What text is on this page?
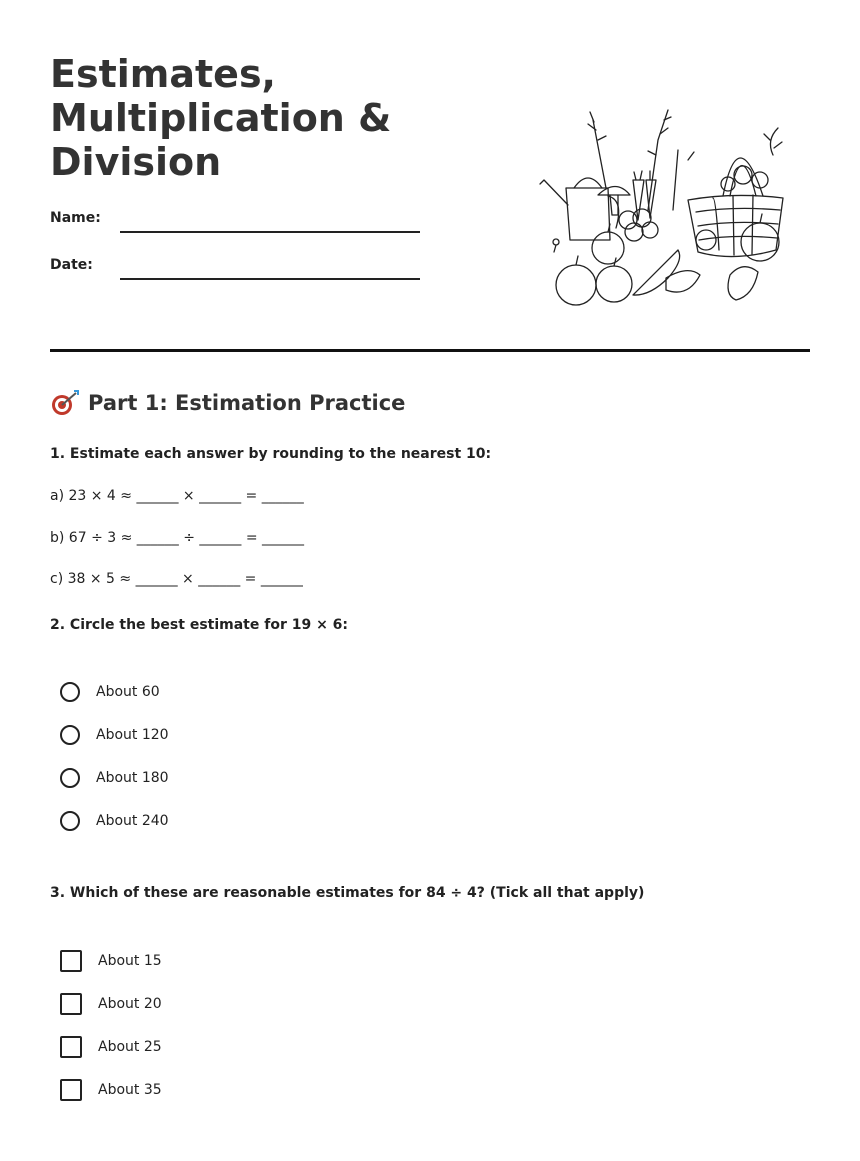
Estimates,
Multiplication &
Division
Name:
Date:
Part 1: Estimation Practice
1. Estimate each answer by rounding to the nearest 10:
a) 23 × 4 ≈ ______ × ______ = ______
b) 67 ÷ 3 ≈ ______ ÷ ______ = ______
c) 38 × 5 ≈ ______ × ______ = ______
2. Circle the best estimate for 19 × 6:
About 60
About 120
About 180
About 240
3. Which of these are reasonable estimates for 84 ÷ 4? (Tick all that apply)
About 15
About 20
About 25
About 35
